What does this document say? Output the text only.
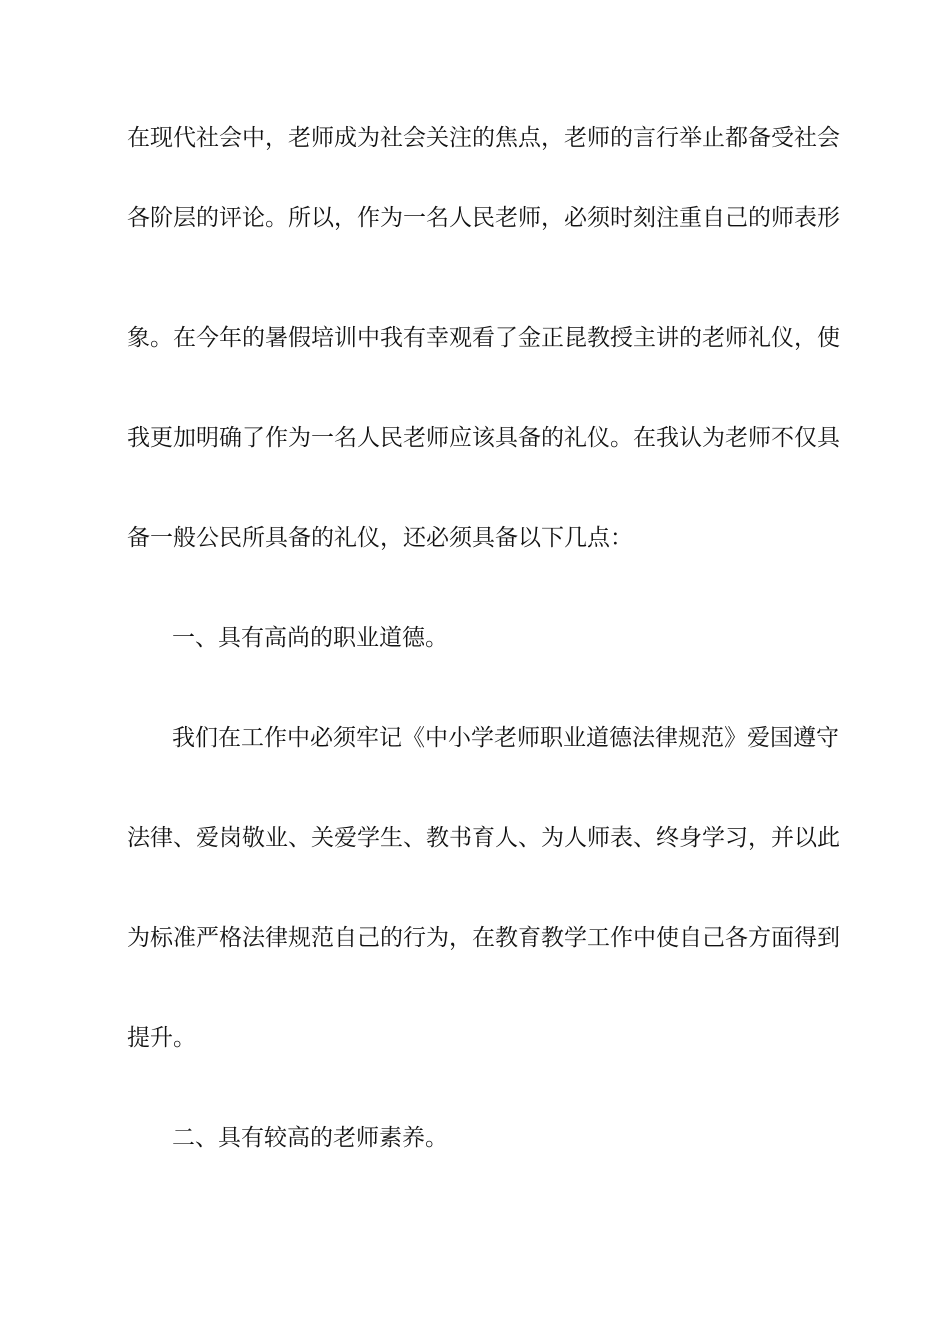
在现代社会中，老师成为社会关注的焦点，老师的言行举止都备受社会
各阶层的评论。所以，作为一名人民老师，必须时刻注重自己的师表形
象。在今年的暑假培训中我有幸观看了金正昆教授主讲的老师礼仪，使
我更加明确了作为一名人民老师应该具备的礼仪。在我认为老师不仅具
备一般公民所具备的礼仪，还必须具备以下几点：
一、具有高尚的职业道德。
我们在工作中必须牢记《中小学老师职业道德法律规范》爱国遵守
法律、爱岗敬业、关爱学生、教书育人、为人师表、终身学习，并以此
为标准严格法律规范自己的行为，在教育教学工作中使自己各方面得到
提升。
二、具有较高的老师素养。
